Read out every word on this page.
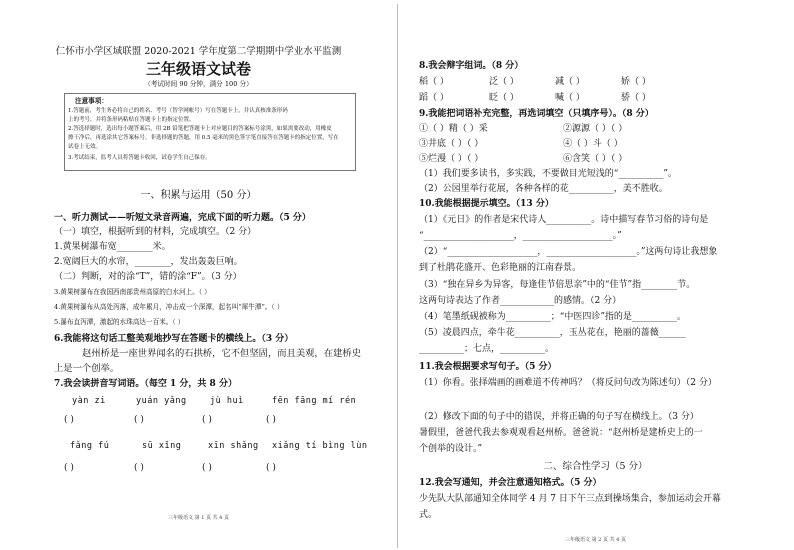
仁怀市小学区域联盟 2020-2021 学年度第二学期期中学业水平监测
三年级语文试卷
（考试时间 90 分钟，满分 100 分）
注意事项：
1.答题前，考生务必将自己的姓名、考号（智学网帐号）写在答题卡上，并认真核准条形码
上的考号，并将条形码粘贴在答题卡上的指定位置。
2.答选择题时，选出每小题答案后，用 2B 铅笔把答题卡上对应题目的答案标号涂黑，如果需要改动，用橡皮
擦干净后，再选涂其它答案标号。非选择题的答题，用 0.5 毫米的黑色签字笔直接答在答题卡的指定位置，写在
试卷上无效。
3.考试结束，监考人员将答题卡收回，试卷学生自己保存。
一、积累与运用（50 分）
一、听力测试——听短文录音两遍，完成下面的听力题。（5 分）
（一）填空，根据听到的材料，完成填空。（2 分）
1.黄果树瀑布宽________米。
2.宽阔巨大的水帘，________，发出轰轰巨响。
（二）判断，对的涂“T”，错的涂“F”。（3 分）
3.黄果树瀑布在我国西南部贵州高原的白水河上。（ ）
4.黄果树瀑布从高处泻落，成年累月，冲击成一个深潭，起名叫“犀牛潭”。（ ）
5.瀑布直泻潭，激起的水珠高达一百米。（ ）
6.我能将这句话工整美观地抄写在答题卡的横线上。（3 分）
赵州桥是一座世界闻名的石拱桥，它不但坚固，而且美观，在建桥史
上是一个创举。
7.我会读拼音写词语。（每空 1 分，共 8 分）
yàn zi	yuán yǎng	jù huì	fēn fāng mí rén
( )	( )	( )	( )
fǎng fú	sū xǐng	xīn shǎng xiǎng tí bìng lùn
( )	( )	( )	( )
三年级语文 第 1 页 共 4 页
8.我会辩字组词。（8 分）
稻（ ）	泛（ ）	减（ ）	娇（ ）
蹈（ ）	眨（ ）	喊（ ）	骄（ ）
9.我能把词语补充完整，再选词填空（只填序号）。（8 分）
①（ ）精（ ）采	②源源（ ）（ ）
③井底（ ）（ ）	④（ ）斗（ ）
⑤烂漫（ ）（ ）	⑥含笑（ ）（ ）
（1）我们要多读书，多实践，不要做目光短浅的“__________”。
（2）公园里举行花展，各种各样的花__________，美不胜收。
10.我能根据提示填空。（13 分）
（1）《元日》的作者是宋代诗人__________。诗中描写春节习俗的诗句是
“____________________，____________________。”
（2）“____________________，____________________。”这两句诗让我想象
到了杜鹃花盛开、色彩艳丽的江南春景。
（3）“独在异乡为异客，每逢佳节倍思亲”中的“佳节”指________节。
这两句诗表达了作者____________的感情。（2 分）
（4）笔墨纸砚被称为__________；“中医四诊”指的是__________。
（5）凌晨四点，牵牛花__________，玉丛花在，艳丽的蔷薇______
__________；七点，__________。
11.我会根据要求写句子。（5 分）
（1）你看。张择端画的画难道不传神吗？（将反问句改为陈述句）（2 分）
（2）修改下面的句子中的错误，并将正确的句子写在横线上。（3 分）
暑假里，爸爸代我去参观观看赵州桥。爸爸说：“赵州桥是建桥史上的一
个创举的设计。”
二、综合性学习（5 分）
12.我会写通知，并会注意通知格式。（5 分）
少先队大队部通知全体同学 4 月 7 日下午三点到操场集合，参加运动会开幕
式。
三年级语文 第 2 页 共 4 页
